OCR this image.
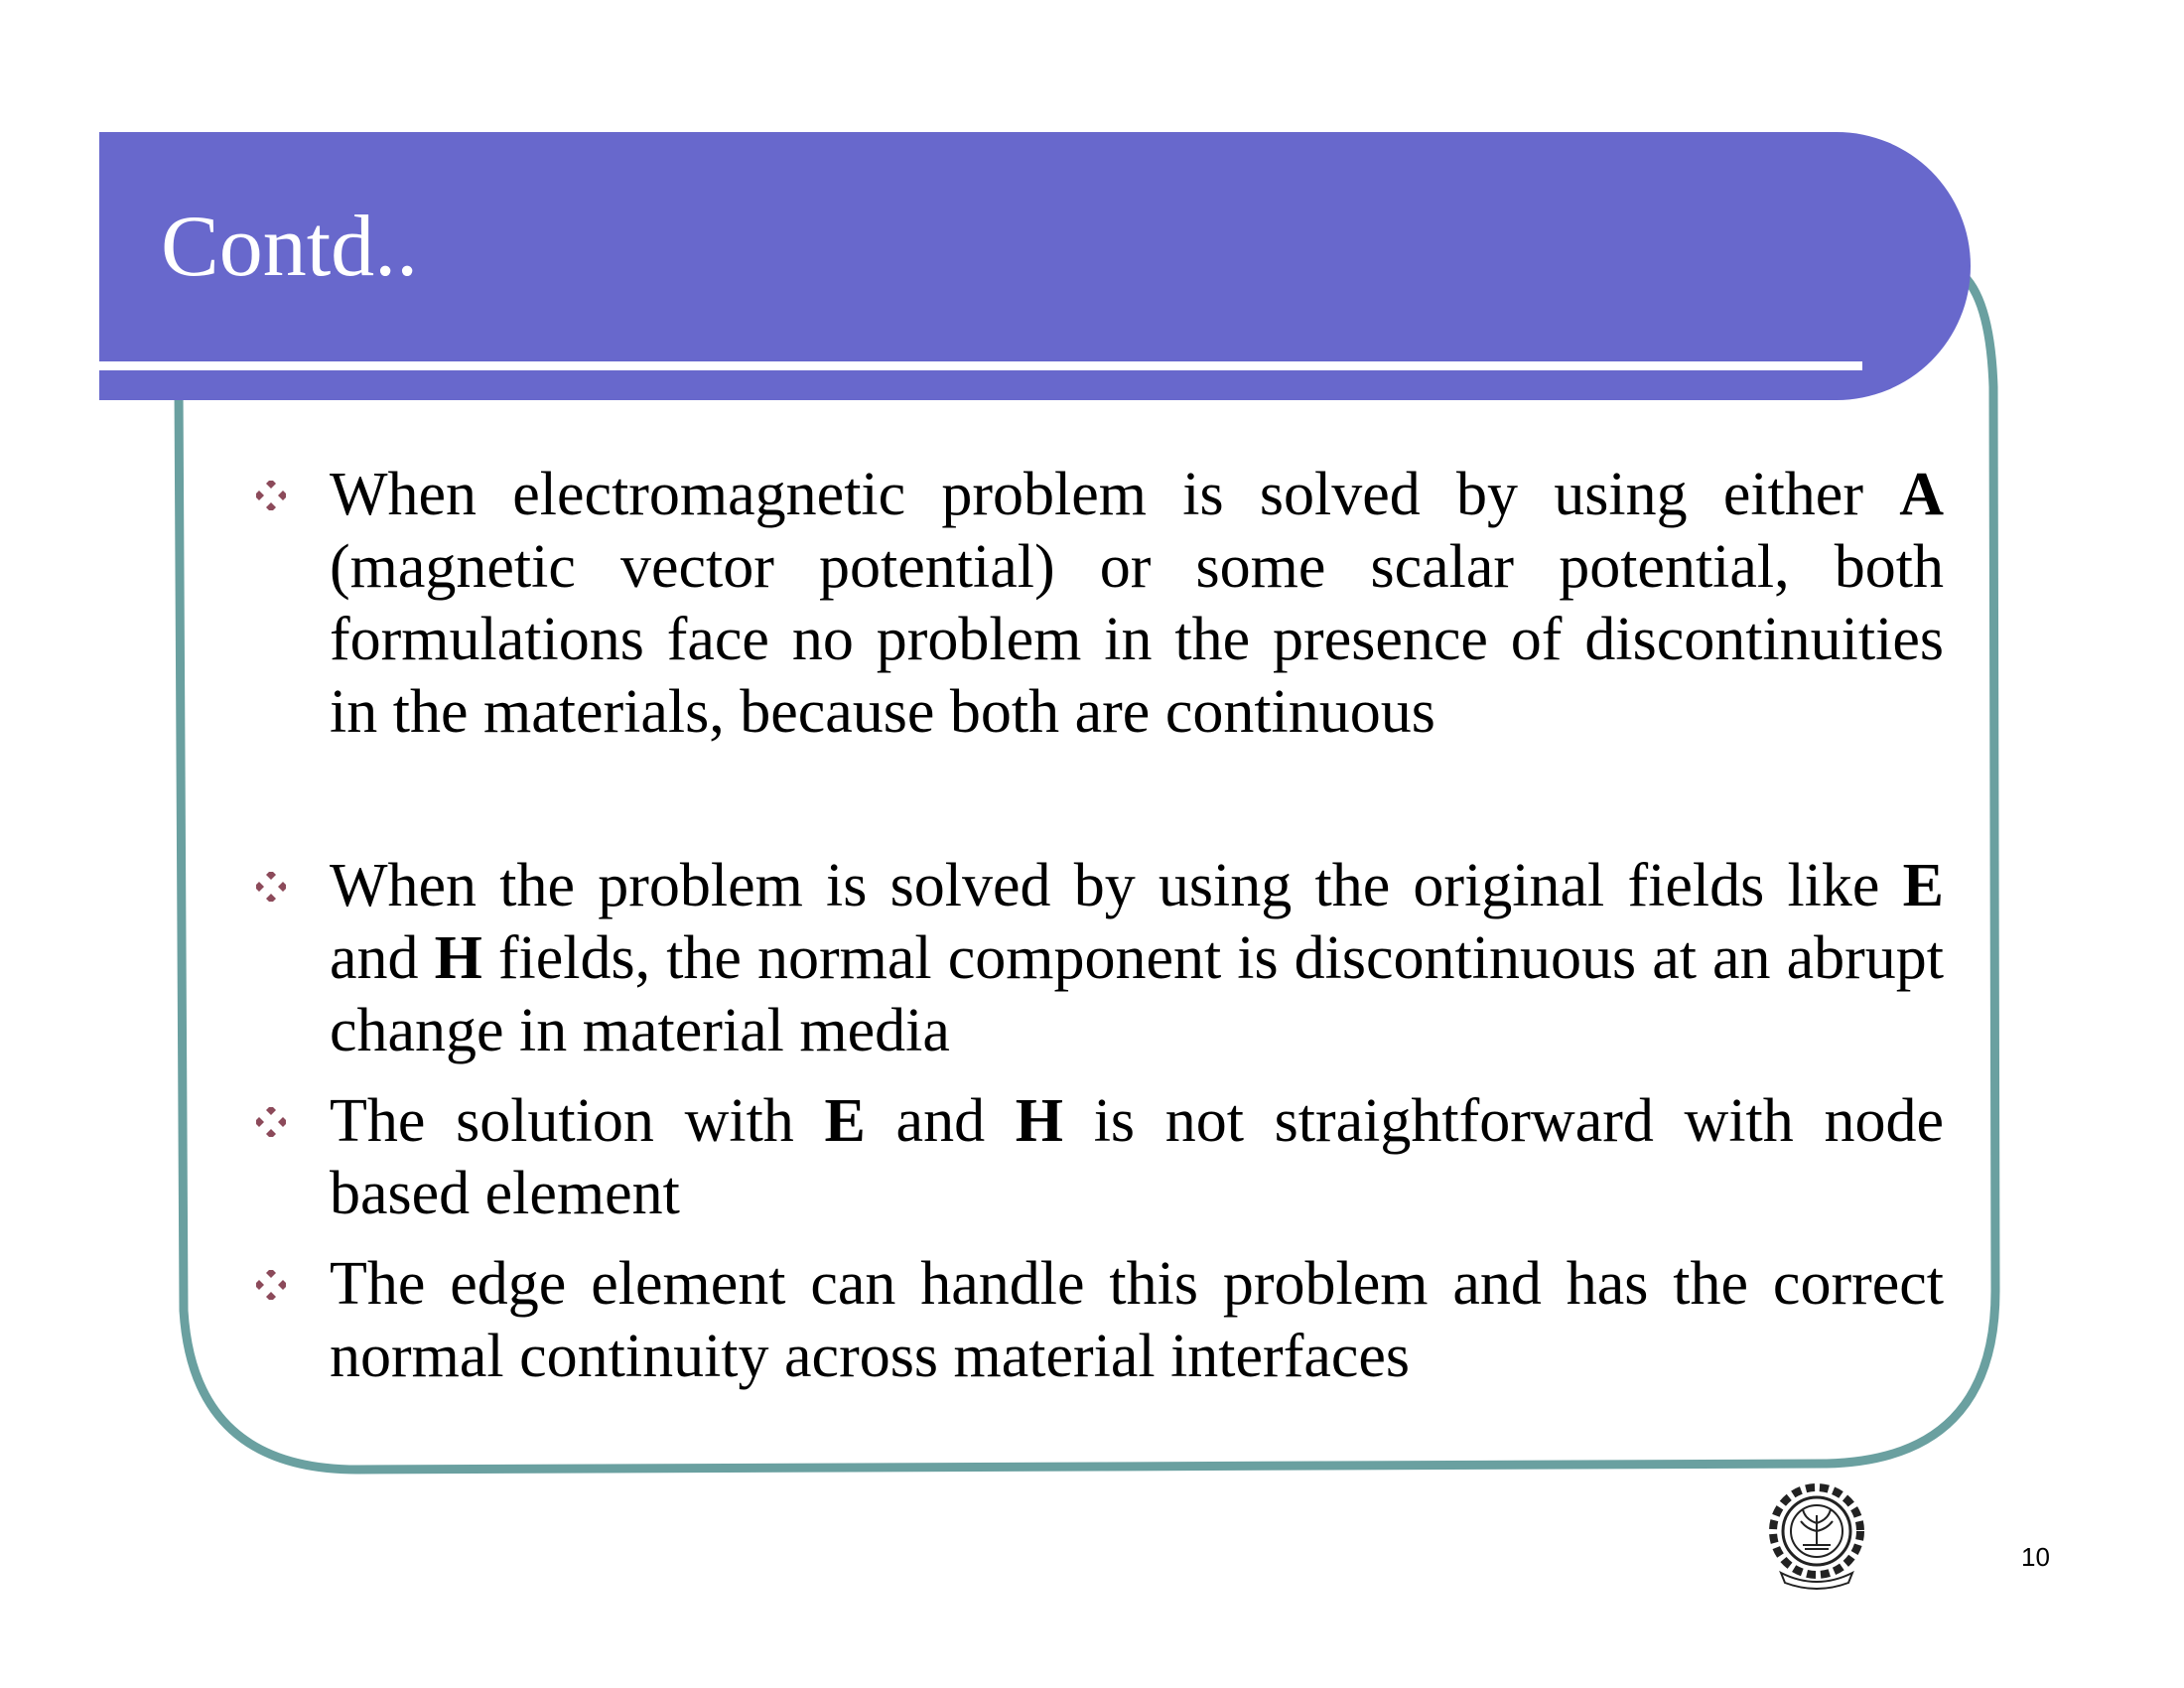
Contd..
When electromagnetic problem is solved by using either A (magnetic vector potential) or some scalar potential, both formulations face no problem in the presence of discontinuities in the materials, because both are continuous
When the problem is solved by using the original fields like E and H fields, the normal component is discontinuous at an abrupt change in material media
The solution with E and H is not straightforward with node based element
The edge element can handle this problem and has the correct normal continuity across material interfaces
10
